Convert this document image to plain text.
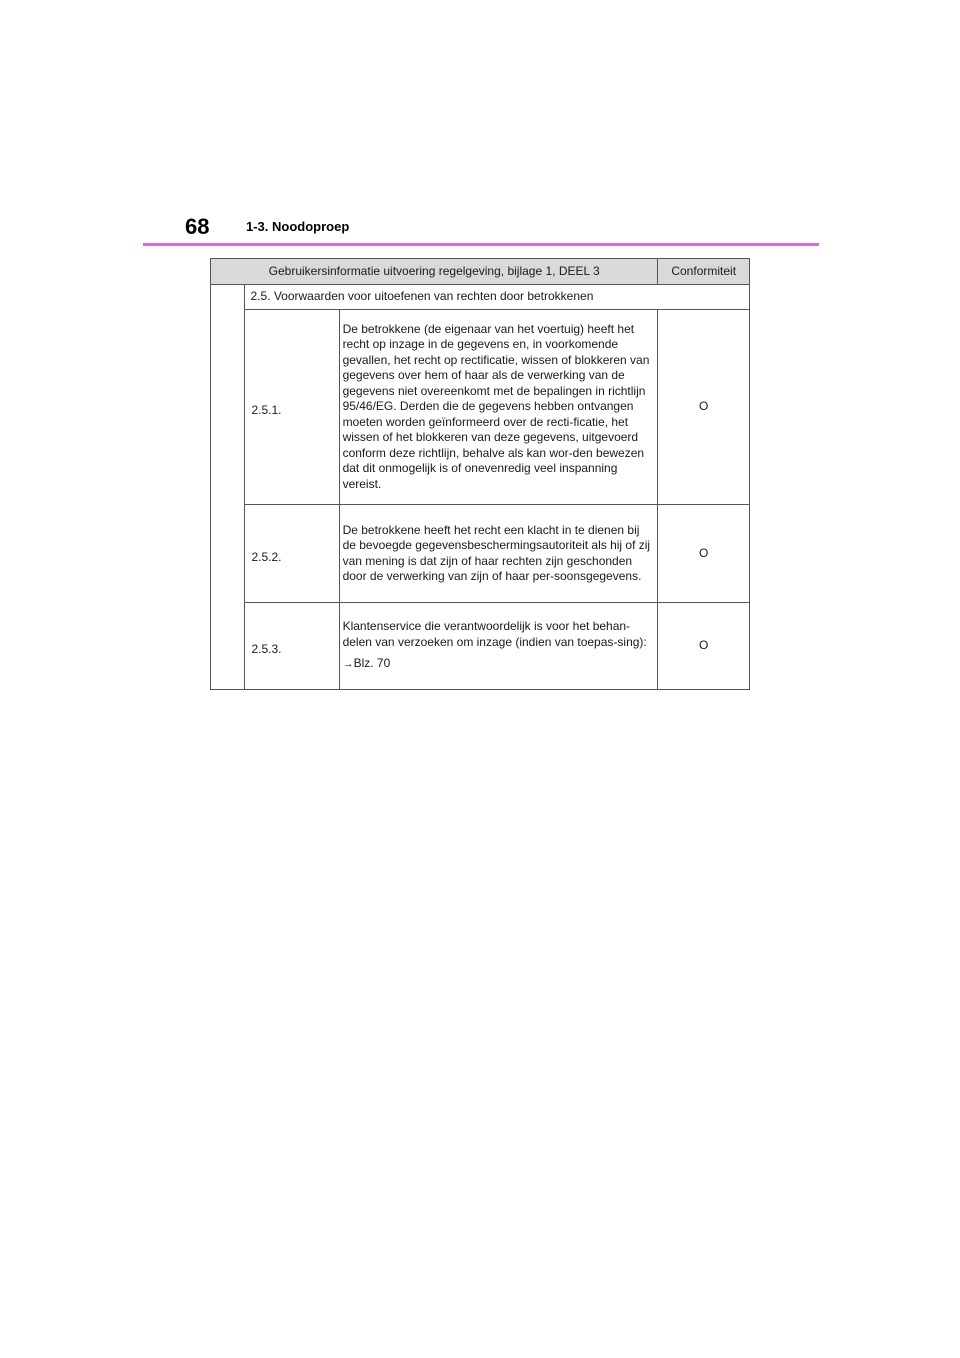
68	1-3. Noodoproep
Gebruikersinformatie uitvoering regelgeving, bijlage 1, DEEL 3			Conformiteit
	2.5. Voorwaarden voor uitoefenen van rechten door betrokkenen		

	2.5.1.	De betrokkene (de eigenaar van het voertuig) heeft het recht op inzage in de gegevens en, in voorkomende gevallen, het recht op rectificatie, wissen of blokkeren van gegevens over hem of haar als de verwerking van de gegevens niet overeenkomt met de bepalingen in richtlijn 95/46/EG. Derden die de gegevens hebben ontvangen moeten worden geïnformeerd over de recti-ficatie, het wissen of het blokkeren van deze gegevens, uitgevoerd conform deze richtlijn, behalve als kan wor-den bewezen dat dit onmogelijk is of onevenredig veel inspanning vereist.	O

	2.5.2.	De betrokkene heeft het recht een klacht in te dienen bij de bevoegde gegevensbeschermingsautoriteit als hij of zij van mening is dat zijn of haar rechten zijn geschonden door de verwerking van zijn of haar per-soonsgegevens.	O

	2.5.3.	Klantenservice die verantwoordelijk is voor het behan-delen van verzoeken om inzage (indien van toepas-sing):
→Blz. 70	O
